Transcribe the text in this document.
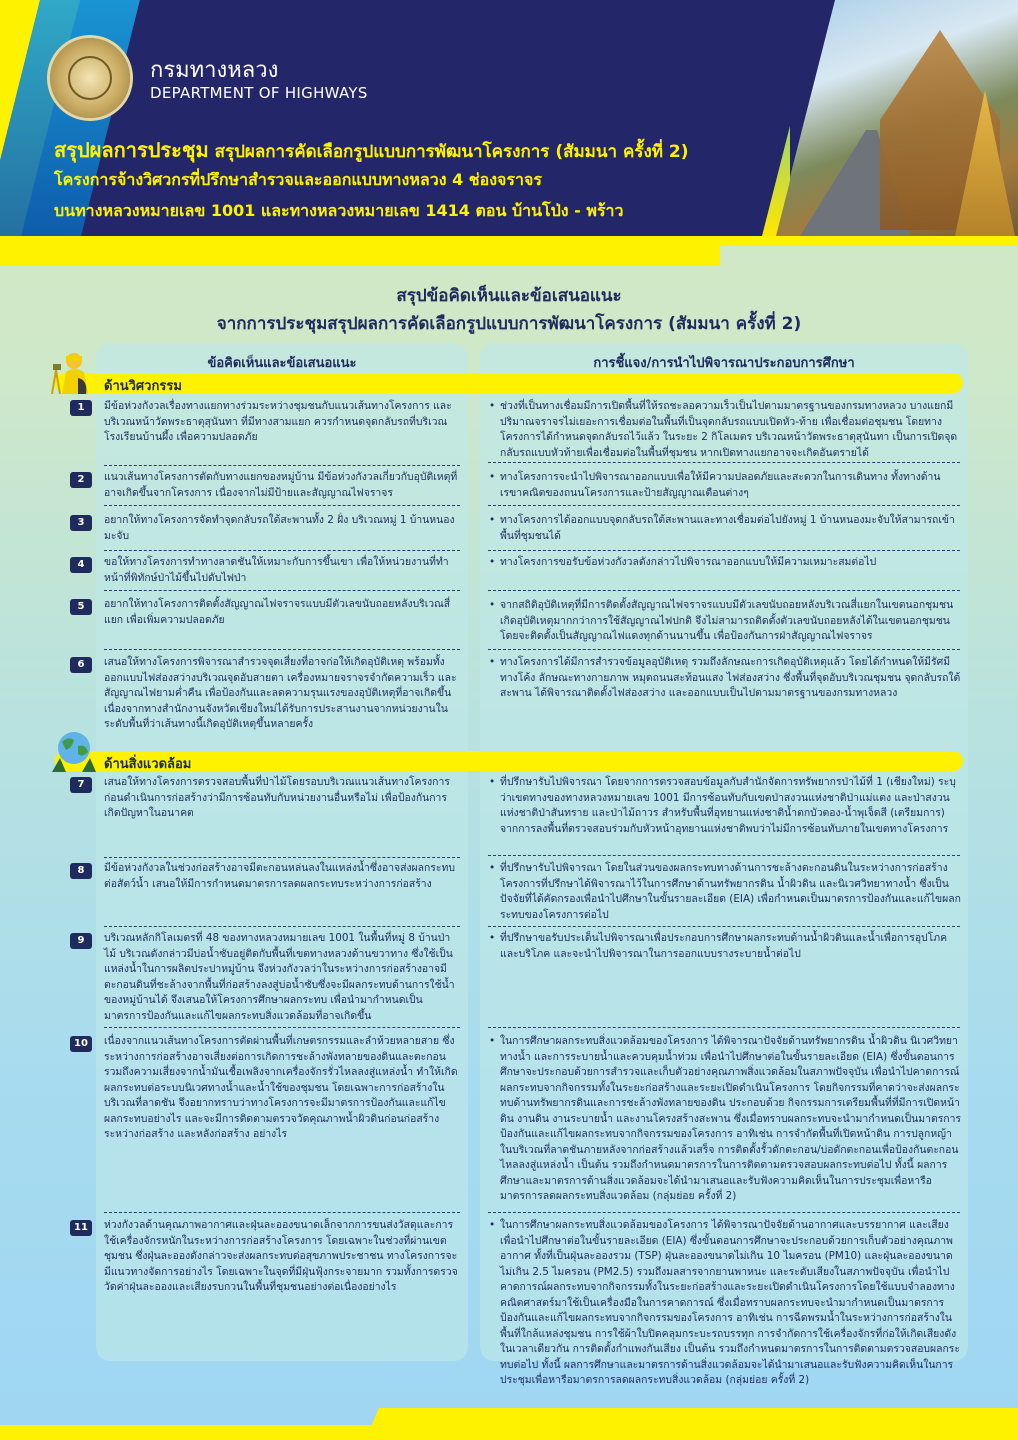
กรมทางหลวง
DEPARTMENT OF HIGHWAYS
สรุปผลการประชุม สรุปผลการคัดเลือกรูปแบบการพัฒนาโครงการ (สัมมนา ครั้งที่ 2)
โครงการจ้างวิศวกรที่ปรึกษาสำรวจและออกแบบทางหลวง 4 ช่องจราจร
บนทางหลวงหมายเลข 1001 และทางหลวงหมายเลข 1414 ตอน บ้านโป่ง - พร้าว
สรุปข้อคิดเห็นและข้อเสนอแนะ
จากการประชุมสรุปผลการคัดเลือกรูปแบบการพัฒนาโครงการ (สัมมนา ครั้งที่ 2)
ข้อคิดเห็นและข้อเสนอแนะ	การชี้แจง/การนำไปพิจารณาประกอบการศึกษา
ด้านวิศวกรรม
1	มีข้อห่วงกังวลเรื่องทางแยกทางร่วมระหว่างชุมชนกับแนวเส้นทางโครงการ และบริเวณหน้าวัดพระธาตุสุนันทา ที่มีทางสามแยก ควรกำหนดจุดกลับรถที่บริเวณโรงเรียนบ้านผึ้ง เพื่อความปลอดภัย
• ช่วงที่เป็นทางเชื่อมมีการเปิดพื้นที่ให้รถชะลอความเร็วเป็นไปตามมาตรฐานของกรมทางหลวง บางแยกมีปริมาณจราจรไม่เยอะการเชื่อมต่อในพื้นที่เป็นจุดกลับรถแบบเปิดหัว-ท้าย เพื่อเชื่อมต่อชุมชน โดยทางโครงการได้กำหนดจุดกลับรถไว้แล้ว ในระยะ 2 กิโลเมตร บริเวณหน้าวัดพระธาตุสุนันทา เป็นการเปิดจุดกลับรถแบบหัวท้ายเพื่อเชื่อมต่อในพื้นที่ชุมชน หากเปิดทางแยกอาจจะเกิดอันตรายได้
2	แนวเส้นทางโครงการตัดกับทางแยกของหมู่บ้าน มีข้อห่วงกังวลเกี่ยวกับอุบัติเหตุที่อาจเกิดขึ้นจากโครงการ เนื่องจากไม่มีป้ายและสัญญาณไฟจราจร
• ทางโครงการจะนำไปพิจารณาออกแบบเพื่อให้มีความปลอดภัยและสะดวกในการเดินทาง ทั้งทางด้านเรขาคณิตของถนนโครงการและป้ายสัญญาณเตือนต่างๆ
3	อยากให้ทางโครงการจัดทำจุดกลับรถใต้สะพานทั้ง 2 ฝั่ง บริเวณหมู่ 1 บ้านหนองมะจับ
• ทางโครงการได้ออกแบบจุดกลับรถใต้สะพานและทางเชื่อมต่อไปยังหมู่ 1 บ้านหนองมะจับให้สามารถเข้าพื้นที่ชุมชนได้
4	ขอให้ทางโครงการทำทางลาดชันให้เหมาะกับการขึ้นเขา เพื่อให้หน่วยงานที่ทำหน้าที่พิทักษ์ป่าไม้ขึ้นไปดับไฟป่า
• ทางโครงการขอรับข้อห่วงกังวลดังกล่าวไปพิจารณาออกแบบให้มีความเหมาะสมต่อไป
5	อยากให้ทางโครงการติดตั้งสัญญาณไฟจราจรแบบมีตัวเลขนับถอยหลังบริเวณสี่แยก เพื่อเพิ่มความปลอดภัย
• จากสถิติอุบัติเหตุที่มีการติดตั้งสัญญาณไฟจราจรแบบมีตัวเลขนับถอยหลังบริเวณสี่แยกในเขตนอกชุมชน เกิดอุบัติเหตุมากกว่าการใช้สัญญาณไฟปกติ จึงไม่สามารถติดตั้งตัวเลขนับถอยหลังได้ในเขตนอกชุมชน โดยจะติดตั้งเป็นสัญญาณไฟแดงทุกด้านนานขึ้น เพื่อป้องกันการฝ่าสัญญาณไฟจราจร
6	เสนอให้ทางโครงการพิจารณาสำรวจจุดเสี่ยงที่อาจก่อให้เกิดอุบัติเหตุ พร้อมทั้งออกแบบไฟส่องสว่างบริเวณจุดอับสายตา เครื่องหมายจราจรจำกัดความเร็ว และสัญญาณไฟยามค่ำคืน เพื่อป้องกันและลดความรุนแรงของอุบัติเหตุที่อาจเกิดขึ้น เนื่องจากทางสำนักงานจังหวัดเชียงใหม่ได้รับการประสานงานจากหน่วยงานในระดับพื้นที่ว่าเส้นทางนี้เกิดอุบัติเหตุขึ้นหลายครั้ง
• ทางโครงการได้มีการสำรวจข้อมูลอุบัติเหตุ รวมถึงลักษณะการเกิดอุบัติเหตุแล้ว โดยได้กำหนดให้มีรัศมีทางโค้ง ลักษณะทางกายภาพ หมุดถนนสะท้อนแสง ไฟส่องสว่าง ซึ่งพื้นที่จุดอับบริเวณชุมชน จุดกลับรถใต้สะพาน ได้พิจารณาติดตั้งไฟส่องสว่าง และออกแบบเป็นไปตามมาตรฐานของกรมทางหลวง
ด้านสิ่งแวดล้อม
7	เสนอให้ทางโครงการตรวจสอบพื้นที่ป่าไม้โดยรอบบริเวณแนวเส้นทางโครงการก่อนดำเนินการก่อสร้างว่ามีการซ้อนทับกับหน่วยงานอื่นหรือไม่ เพื่อป้องกันการเกิดปัญหาในอนาคต
• ที่ปรึกษารับไปพิจารณา โดยจากการตรวจสอบข้อมูลกับสำนักจัดการทรัพยากรป่าไม้ที่ 1 (เชียงใหม่) ระบุว่าเขตทางของทางหลวงหมายเลข 1001 มีการซ้อนทับกับเขตป่าสงวนแห่งชาติป่าแม่แตง และป่าสงวนแห่งชาติป่าสันทราย และป่าไม้ถาวร สำหรับพื้นที่อุทยานแห่งชาติน้ำตกบัวตอง-น้ำพุเจ็ดสี (เตรียมการ) จากการลงพื้นที่ตรวจสอบร่วมกับหัวหน้าอุทยานแห่งชาติพบว่าไม่มีการซ้อนทับภายในเขตทางโครงการ
8	มีข้อห่วงกังวลในช่วงก่อสร้างอาจมีตะกอนหล่นลงในแหล่งน้ำซึ่งอาจส่งผลกระทบต่อสัตว์น้ำ เสนอให้มีการกำหนดมาตรการลดผลกระทบระหว่างการก่อสร้าง
• ที่ปรึกษารับไปพิจารณา โดยในส่วนของผลกระทบทางด้านการชะล้างตะกอนดินในระหว่างการก่อสร้างโครงการที่ปรึกษาได้พิจารณาไว้ในการศึกษาด้านทรัพยากรดิน น้ำผิวดิน และนิเวศวิทยาทางน้ำ ซึ่งเป็นปัจจัยที่ได้คัดกรองเพื่อนำไปศึกษาในขั้นรายละเอียด (EIA) เพื่อกำหนดเป็นมาตรการป้องกันและแก้ไขผลกระทบของโครงการต่อไป
9	บริเวณหลักกิโลเมตรที่ 48 ของทางหลวงหมายเลข 1001 ในพื้นที่หมู่ 8 บ้านป่าไม้ บริเวณดังกล่าวมีบ่อน้ำซับอยู่ติดกับพื้นที่เขตทางหลวงด้านขวาทาง ซึ่งใช้เป็นแหล่งน้ำในการผลิตประปาหมู่บ้าน จึงห่วงกังวลว่าในระหว่างการก่อสร้างอาจมีตะกอนดินที่ชะล้างจากพื้นที่ก่อสร้างลงสู่บ่อน้ำซับซึ่งจะมีผลกระทบด้านการใช้น้ำของหมู่บ้านได้ จึงเสนอให้โครงการศึกษาผลกระทบ เพื่อนำมากำหนดเป็นมาตรการป้องกันและแก้ไขผลกระทบสิ่งแวดล้อมที่อาจเกิดขึ้น
• ที่ปรึกษาขอรับประเด็นไปพิจารณาเพื่อประกอบการศึกษาผลกระทบด้านน้ำผิวดินและน้ำเพื่อการอุปโภคและบริโภค และจะนำไปพิจารณาในการออกแบบรางระบายน้ำต่อไป
10	เนื่องจากแนวเส้นทางโครงการตัดผ่านพื้นที่เกษตรกรรมและลำห้วยหลายสาย ซึ่งระหว่างการก่อสร้างอาจเสี่ยงต่อการเกิดการชะล้างพังทลายของดินและตะกอน รวมถึงความเสี่ยงจากน้ำมันเชื้อเพลิงจากเครื่องจักรรั่วไหลลงสู่แหล่งน้ำ ทำให้เกิดผลกระทบต่อระบบนิเวศทางน้ำและน้ำใช้ของชุมชน โดยเฉพาะการก่อสร้างในบริเวณที่ลาดชัน จึงอยากทราบว่าทางโครงการจะมีมาตรการป้องกันและแก้ไขผลกระทบอย่างไร และจะมีการติดตามตรวจวัดคุณภาพน้ำผิวดินก่อนก่อสร้าง ระหว่างก่อสร้าง และหลังก่อสร้าง อย่างไร
• ในการศึกษาผลกระทบสิ่งแวดล้อมของโครงการ ได้พิจารณาปัจจัยด้านทรัพยากรดิน น้ำผิวดิน นิเวศวิทยาทางน้ำ และการระบายน้ำและควบคุมน้ำท่วม เพื่อนำไปศึกษาต่อในขั้นรายละเอียด (EIA) ซึ่งขั้นตอนการศึกษาจะประกอบด้วยการสำรวจและเก็บตัวอย่างคุณภาพสิ่งแวดล้อมในสภาพปัจจุบัน เพื่อนำไปคาดการณ์ผลกระทบจากกิจกรรมทั้งในระยะก่อสร้างและระยะเปิดดำเนินโครงการ โดยกิจกรรมที่คาดว่าจะส่งผลกระทบด้านทรัพยากรดินและการชะล้างพังทลายของดิน ประกอบด้วย กิจกรรมการเตรียมพื้นที่ที่มีการเปิดหน้าดิน งานดิน งานระบายน้ำ และงานโครงสร้างสะพาน ซึ่งเมื่อทราบผลกระทบจะนำมากำหนดเป็นมาตรการป้องกันและแก้ไขผลกระทบจากกิจกรรมของโครงการ อาทิเช่น การจำกัดพื้นที่เปิดหน้าดิน การปลูกหญ้าในบริเวณที่ลาดชันภายหลังจากก่อสร้างแล้วเสร็จ การติดตั้งรั้วดักตะกอน/บ่อดักตะกอนเพื่อป้องกันตะกอนไหลลงสู่แหล่งน้ำ เป็นต้น รวมถึงกำหนดมาตรการในการติดตามตรวจสอบผลกระทบต่อไป ทั้งนี้ ผลการศึกษาและมาตรการด้านสิ่งแวดล้อมจะได้นำมาเสนอและรับฟังความคิดเห็นในการประชุมเพื่อหารือมาตรการลดผลกระทบสิ่งแวดล้อม (กลุ่มย่อย ครั้งที่ 2)
11	ห่วงกังวลด้านคุณภาพอากาศและฝุ่นละอองขนาดเล็กจากการขนส่งวัสดุและการใช้เครื่องจักรหนักในระหว่างการก่อสร้างโครงการ โดยเฉพาะในช่วงที่ผ่านเขตชุมชน ซึ่งฝุ่นละอองดังกล่าวจะส่งผลกระทบต่อสุขภาพประชาชน ทางโครงการจะมีแนวทางจัดการอย่างไร โดยเฉพาะในจุดที่มีฝุ่นฟุ้งกระจายมาก รวมทั้งการตรวจวัดค่าฝุ่นละอองและเสียงรบกวนในพื้นที่ชุมชนอย่างต่อเนื่องอย่างไร
• ในการศึกษาผลกระทบสิ่งแวดล้อมของโครงการ ได้พิจารณาปัจจัยด้านอากาศและบรรยากาศ และเสียง เพื่อนำไปศึกษาต่อในขั้นรายละเอียด (EIA) ซึ่งขั้นตอนการศึกษาจะประกอบด้วยการเก็บตัวอย่างคุณภาพอากาศ ทั้งที่เป็นฝุ่นละอองรวม (TSP) ฝุ่นละอองขนาดไม่เกิน 10 ไมครอน (PM10) และฝุ่นละอองขนาดไม่เกิน 2.5 ไมครอน (PM2.5) รวมถึงมลสารจากยานพาหนะ และระดับเสียงในสภาพปัจจุบัน เพื่อนำไปคาดการณ์ผลกระทบจากกิจกรรมทั้งในระยะก่อสร้างและระยะเปิดดำเนินโครงการโดยใช้แบบจำลองทางคณิตศาสตร์มาใช้เป็นเครื่องมือในการคาดการณ์ ซึ่งเมื่อทราบผลกระทบจะนำมากำหนดเป็นมาตรการป้องกันและแก้ไขผลกระทบจากกิจกรรมของโครงการ อาทิเช่น การฉีดพรมน้ำในระหว่างการก่อสร้างในพื้นที่ใกล้แหล่งชุมชน การใช้ผ้าใบปิดคลุมกระบะรถบรรทุก การจำกัดการใช้เครื่องจักรที่ก่อให้เกิดเสียงดังในเวลาเดียวกัน การติดตั้งกำแพงกันเสียง เป็นต้น รวมถึงกำหนดมาตรการในการติดตามตรวจสอบผลกระทบต่อไป ทั้งนี้ ผลการศึกษาและมาตรการด้านสิ่งแวดล้อมจะได้นำมาเสนอและรับฟังความคิดเห็นในการประชุมเพื่อหารือมาตรการลดผลกระทบสิ่งแวดล้อม (กลุ่มย่อย ครั้งที่ 2)
